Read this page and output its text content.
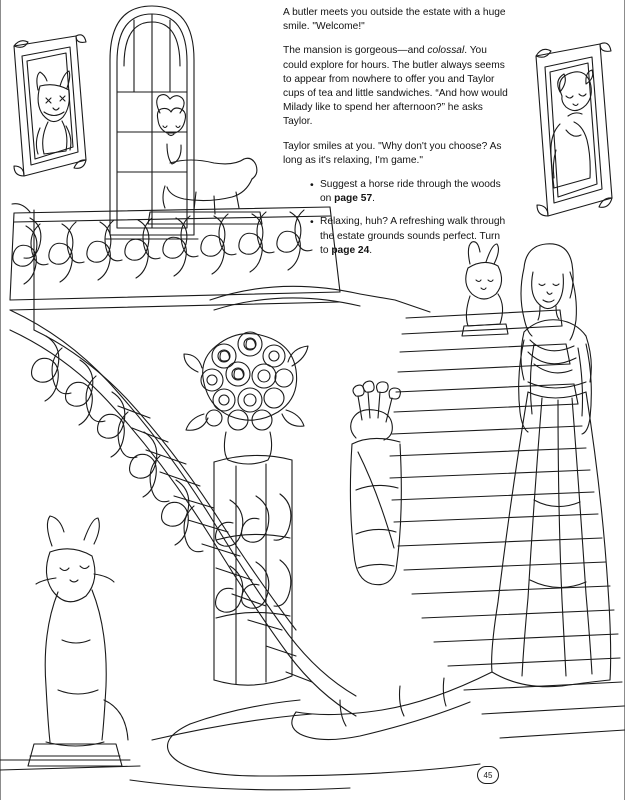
A butler meets you outside the estate with a huge smile. "Welcome!"

The mansion is gorgeous—and colossal. You could explore for hours. The butler always seems to appear from nowhere to offer you and Taylor cups of tea and little sandwiches. “And how would Milady like to spend her afternoon?” he asks Taylor.

Taylor smiles at you. "Why don't you choose? As long as it's relaxing, I'm game."

• Suggest a horse ride through the woods on page 57.
• Relaxing, huh? A refreshing walk through the estate grounds sounds perfect. Turn to page 24.
45
